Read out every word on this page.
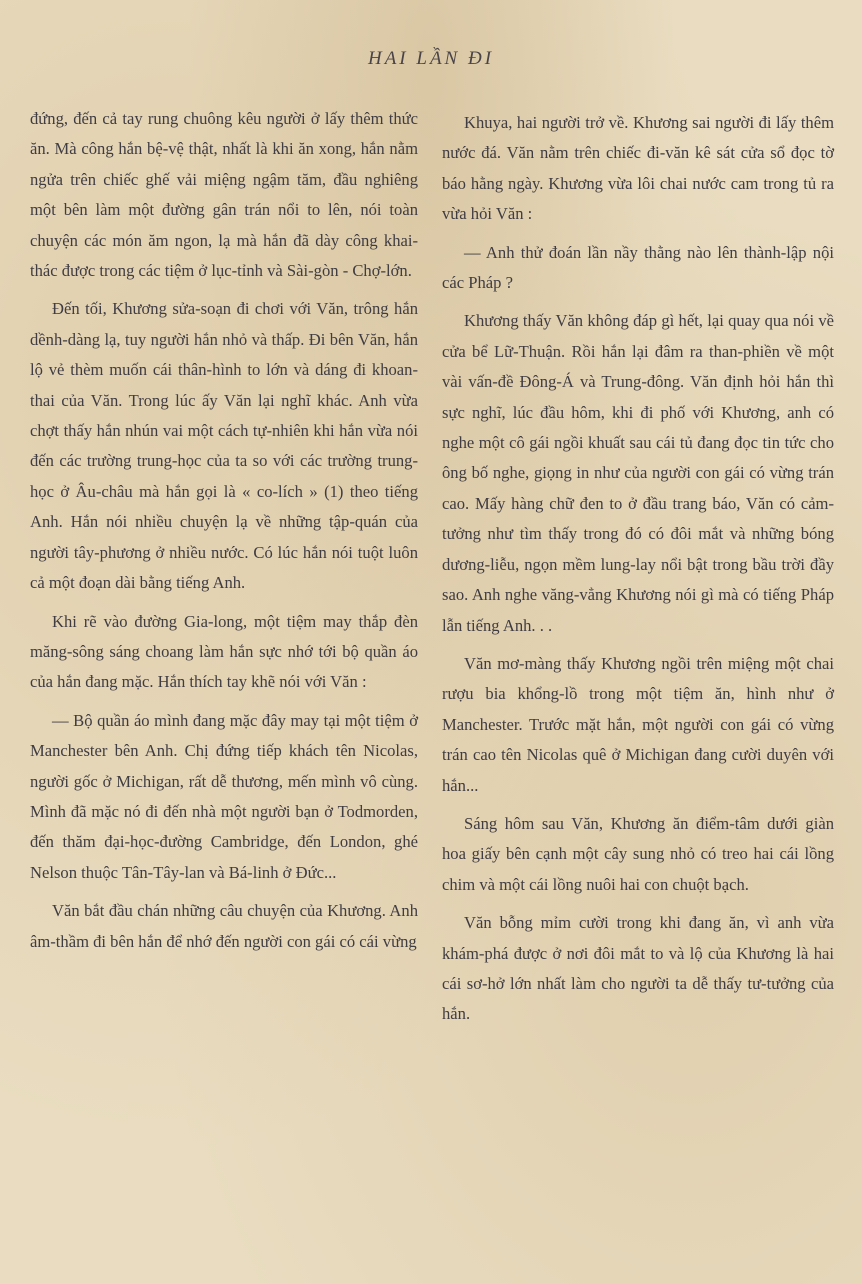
HAI LẦN ĐI

đứng, đến cả tay rung chuông kêu người ở lấy thêm thức ăn. Mà công hắn bệ-vệ thật, nhất là khi ăn xong, hắn nằm ngửa trên chiếc ghế vải miệng ngậm tăm, đầu nghiêng một bên làm một đường gân trán nổi to lên, nói toàn chuyện các món ăm ngon, lạ mà hắn đã dày công khai-thác được trong các tiệm ở lục-tỉnh và Sài-gòn - Chợ-lớn.

Đến tối, Khương sửa-soạn đi chơi với Văn, trông hắn dềnh-dàng lạ, tuy người hắn nhỏ và thấp. Đi bên Văn, hắn lộ vẻ thèm muốn cái thân-hình to lớn và dáng đi khoan-thai của Văn. Trong lúc ấy Văn lại nghĩ khác. Anh vừa chợt thấy hắn nhún vai một cách tự-nhiên khi hắn vừa nói đến các trường trung-học của ta so với các trường trung-học ở Âu-châu mà hắn gọi là « co-lích » (1) theo tiếng Anh. Hắn nói nhiều chuyện lạ về những tập-quán của người tây-phương ở nhiều nước. Có lúc hắn nói tuột luôn cả một đoạn dài bằng tiếng Anh.

Khi rẽ vào đường Gia-long, một tiệm may thắp đèn măng-sông sáng choang làm hắn sực nhớ tới bộ quần áo của hắn đang mặc. Hắn thích tay khẽ nói với Văn :

— Bộ quần áo mình đang mặc đây may tại một tiệm ở Manchester bên Anh. Chị đứng tiếp khách tên Nicolas, người gốc ở Michigan, rất dễ thương, mến mình vô cùng. Mình đã mặc nó đi đến nhà một người bạn ở Todmorden, đến thăm đại-học-đường Cambridge, đến London, ghé Nelson thuộc Tân-Tây-lan và Bá-linh ở Đức...

Văn bắt đầu chán những câu chuyện của Khương. Anh âm-thầm đi bên hắn để nhớ đến người con gái có cái vừng

Khuya, hai người trở về. Khương sai người đi lấy thêm nước đá. Văn nằm trên chiếc đi-văn kê sát cửa sổ đọc tờ báo hằng ngày. Khương vừa lôi chai nước cam trong tủ ra vừa hỏi Văn :

— Anh thử đoán lần nầy thằng nào lên thành-lập nội các Pháp ?

Khương thấy Văn không đáp gì hết, lại quay qua nói về cửa bể Lữ-Thuận. Rồi hắn lại đâm ra than-phiền về một vài vấn-đề Đông-Á và Trung-đông. Văn định hỏi hắn thì sực nghĩ, lúc đầu hôm, khi đi phố với Khương, anh có nghe một cô gái ngồi khuất sau cái tủ đang đọc tin tức cho ông bố nghe, giọng in như của người con gái có vừng trán cao. Mấy hàng chữ đen to ở đầu trang báo, Văn có cảm-tưởng như tìm thấy trong đó có đôi mắt và những bóng dương-liễu, ngọn mềm lung-lay nổi bật trong bầu trời đầy sao. Anh nghe văng-vẳng Khương nói gì mà có tiếng Pháp lẫn tiếng Anh. . .

Văn mơ-màng thấy Khương ngồi trên miệng một chai rượu bia khổng-lồ trong một tiệm ăn, hình như ở Manchester. Trước mặt hắn, một người con gái có vừng trán cao tên Nicolas quê ở Michigan đang cười duyên với hắn...

Sáng hôm sau Văn, Khương ăn điểm-tâm dưới giàn hoa giấy bên cạnh một cây sung nhỏ có treo hai cái lồng chim và một cái lồng nuôi hai con chuột bạch.

Văn bỗng mỉm cười trong khi đang ăn, vì anh vừa khám-phá được ở nơi đôi mắt to và lộ của Khương là hai cái sơ-hở lớn nhất làm cho người ta dễ thấy tư-tưởng của hắn.
